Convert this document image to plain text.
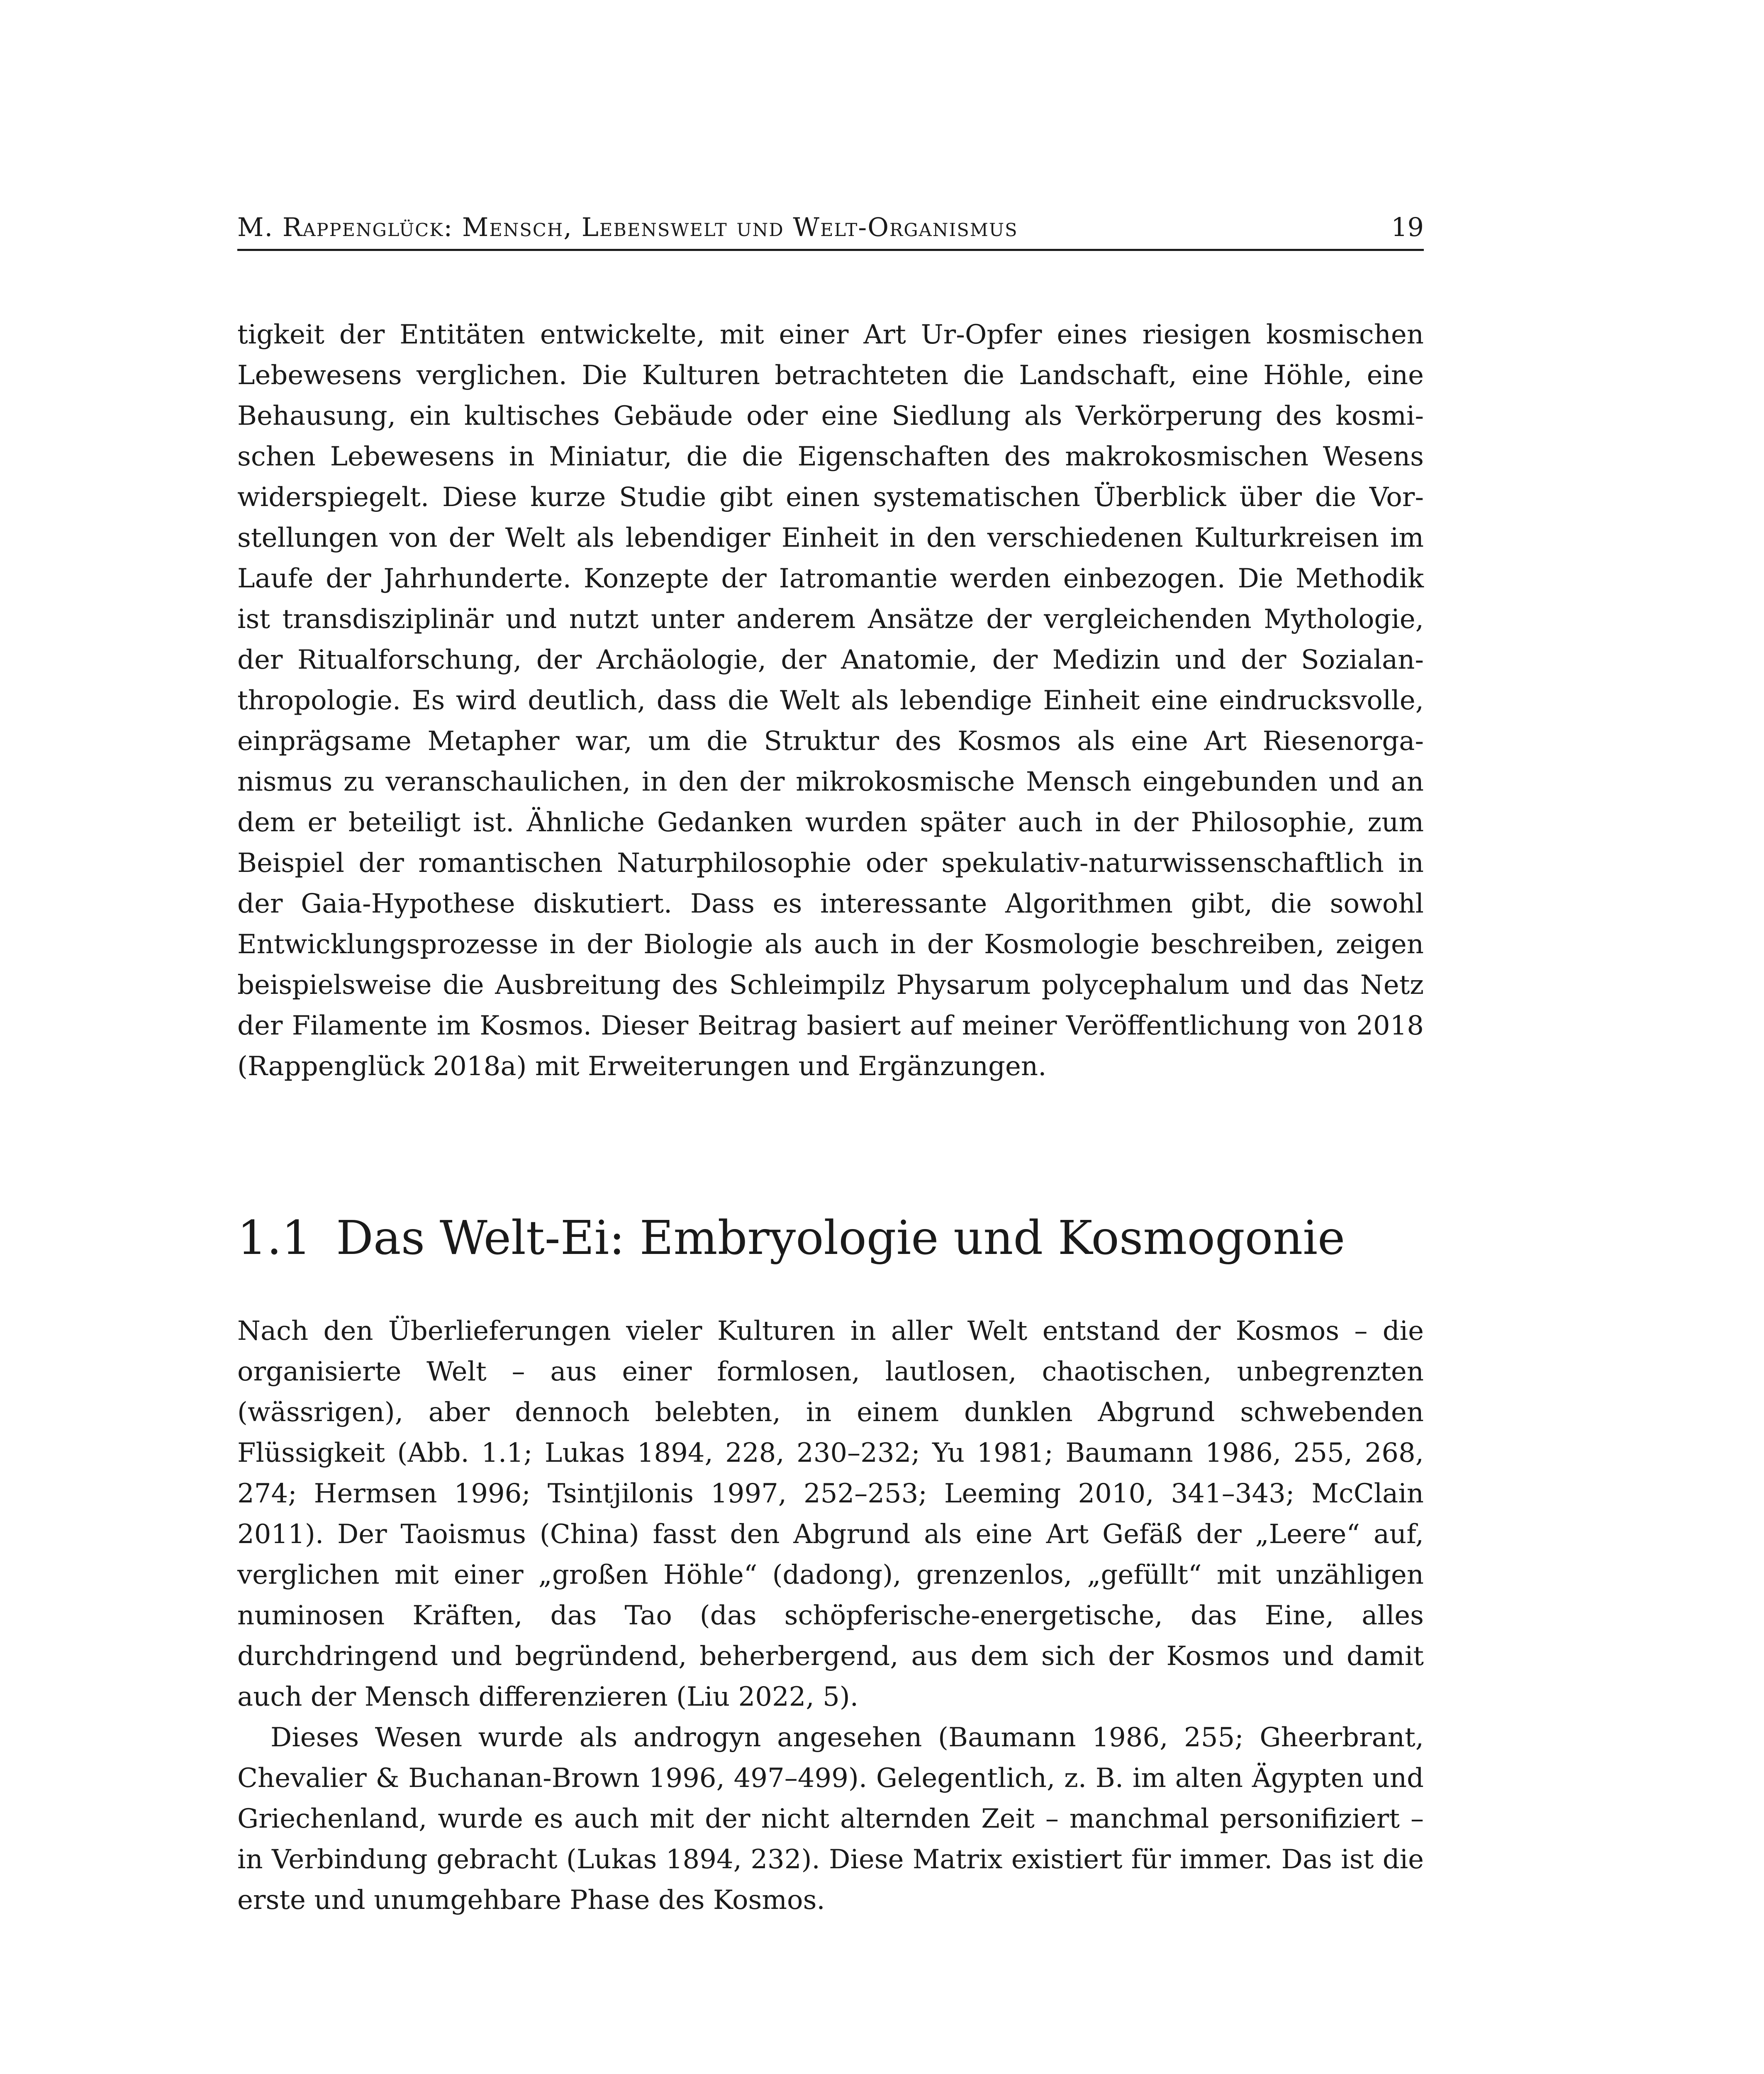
M. Rappenglück: Mensch, Lebenswelt und Welt-Organismus	19
tigkeit der Entitäten entwickelte, mit einer Art Ur-Opfer eines riesigen kosmischen Lebewesens verglichen. Die Kulturen betrachteten die Landschaft, eine Höhle, eine Behausung, ein kultisches Gebäude oder eine Siedlung als Verkörperung des kosmischen Lebewesens in Miniatur, die die Eigenschaften des makrokosmischen Wesens widerspiegelt. Diese kurze Studie gibt einen systematischen Überblick über die Vorstellungen von der Welt als lebendiger Einheit in den verschiedenen Kulturkreisen im Laufe der Jahrhunderte. Konzepte der Iatromantie werden einbezogen. Die Methodik ist transdisziplinär und nutzt unter anderem Ansätze der vergleichenden Mythologie, der Ritualforschung, der Archäologie, der Anatomie, der Medizin und der Sozialanthropologie. Es wird deutlich, dass die Welt als lebendige Einheit eine eindrucksvolle, einprägsame Metapher war, um die Struktur des Kosmos als eine Art Riesenorganismus zu veranschaulichen, in den der mikrokosmische Mensch eingebunden und an dem er beteiligt ist. Ähnliche Gedanken wurden später auch in der Philosophie, zum Beispiel der romantischen Naturphilosophie oder spekulativ-naturwissenschaftlich in der Gaia-Hypothese diskutiert. Dass es interessante Algorithmen gibt, die sowohl Entwicklungsprozesse in der Biologie als auch in der Kosmologie beschreiben, zeigen beispielsweise die Ausbreitung des Schleimpilz Physarum polycephalum und das Netz der Filamente im Kosmos. Dieser Beitrag basiert auf meiner Veröffentlichung von 2018 (Rappenglück 2018a) mit Erweiterungen und Ergänzungen.
1.1 Das Welt-Ei: Embryologie und Kosmogonie

Nach den Überlieferungen vieler Kulturen in aller Welt entstand der Kosmos – die organisierte Welt – aus einer formlosen, lautlosen, chaotischen, unbegrenzten (wässrigen), aber dennoch belebten, in einem dunklen Abgrund schwebenden Flüssigkeit (Abb. 1.1; Lukas 1894, 228, 230–232; Yu 1981; Baumann 1986, 255, 268, 274; Hermsen 1996; Tsintjilonis 1997, 252–253; Leeming 2010, 341–343; McClain 2011). Der Taoismus (China) fasst den Abgrund als eine Art Gefäß der „Leere“ auf, verglichen mit einer „großen Höhle“ (dadong), grenzenlos, „gefüllt“ mit unzähligen numinosen Kräften, das Tao (das schöpferische-energetische, das Eine, alles durchdringend und begründend, beherbergend, aus dem sich der Kosmos und damit auch der Mensch differenzieren (Liu 2022, 5).

Dieses Wesen wurde als androgyn angesehen (Baumann 1986, 255; Gheerbrant, Chevalier & Buchanan-Brown 1996, 497–499). Gelegentlich, z. B. im alten Ägypten und Griechenland, wurde es auch mit der nicht alternden Zeit – manchmal personifiziert – in Verbindung gebracht (Lukas 1894, 232). Diese Matrix existiert für immer. Das ist die erste und unumgehbare Phase des Kosmos.
